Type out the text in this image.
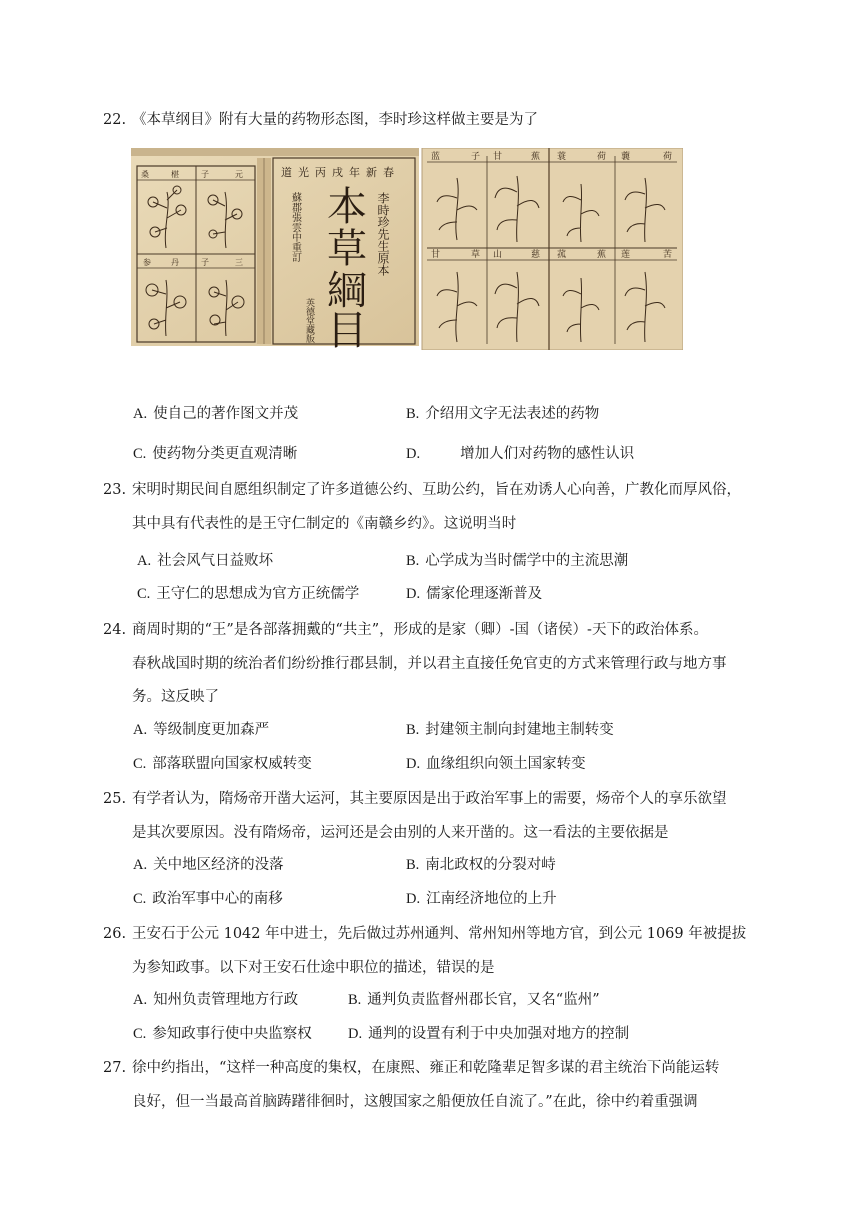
22. 《本草纲目》附有大量的药物形态图，李时珍这样做主要是为了
桑	椹	子	元
参	丹	子	三
道光丙戌年新春
本
草
綱
目
李時珍先生原本
蘇郡張雲中重訂
英德堂藏版
蓝	子 甘	蕉 蓑	荷 蘘	荷
甘	草 山	慈 菰	蕉 莲	苦
A. 使自己的著作图文并茂	B. 介绍用文字无法表述的药物
C. 使药物分类更直观清晰	D.	增加人们对药物的感性认识
23. 宋明时期民间自愿组织制定了许多道德公约、互助公约，旨在劝诱人心向善，广教化而厚风俗，
其中具有代表性的是王守仁制定的《南赣乡约》。这说明当时
A. 社会风气日益败坏	B. 心学成为当时儒学中的主流思潮
C. 王守仁的思想成为官方正统儒学	D. 儒家伦理逐渐普及
24. 商周时期的“王”是各部落拥戴的“共主”，形成的是家（卿）-国（诸侯）-天下的政治体系。
春秋战国时期的统治者们纷纷推行郡县制，并以君主直接任免官吏的方式来管理行政与地方事
务。这反映了
A. 等级制度更加森严	B. 封建领主制向封建地主制转变
C. 部落联盟向国家权威转变	D. 血缘组织向领土国家转变
25. 有学者认为，隋炀帝开凿大运河，其主要原因是出于政治军事上的需要，炀帝个人的享乐欲望
是其次要原因。没有隋炀帝，运河还是会由别的人来开凿的。这一看法的主要依据是
A. 关中地区经济的没落	B. 南北政权的分裂对峙
C. 政治军事中心的南移	D. 江南经济地位的上升
26. 王安石于公元 1042 年中进士，先后做过苏州通判、常州知州等地方官，到公元 1069 年被提拔
为参知政事。以下对王安石仕途中职位的描述，错误的是
A. 知州负责管理地方行政	B. 通判负责监督州郡长官，又名“监州”
C. 参知政事行使中央监察权 D. 通判的设置有利于中央加强对地方的控制
27. 徐中约指出，“这样一种高度的集权，在康熙、雍正和乾隆辈足智多谋的君主统治下尚能运转
良好，但一当最高首脑踌躇徘徊时，这艘国家之船便放任自流了。”在此，徐中约着重强调
